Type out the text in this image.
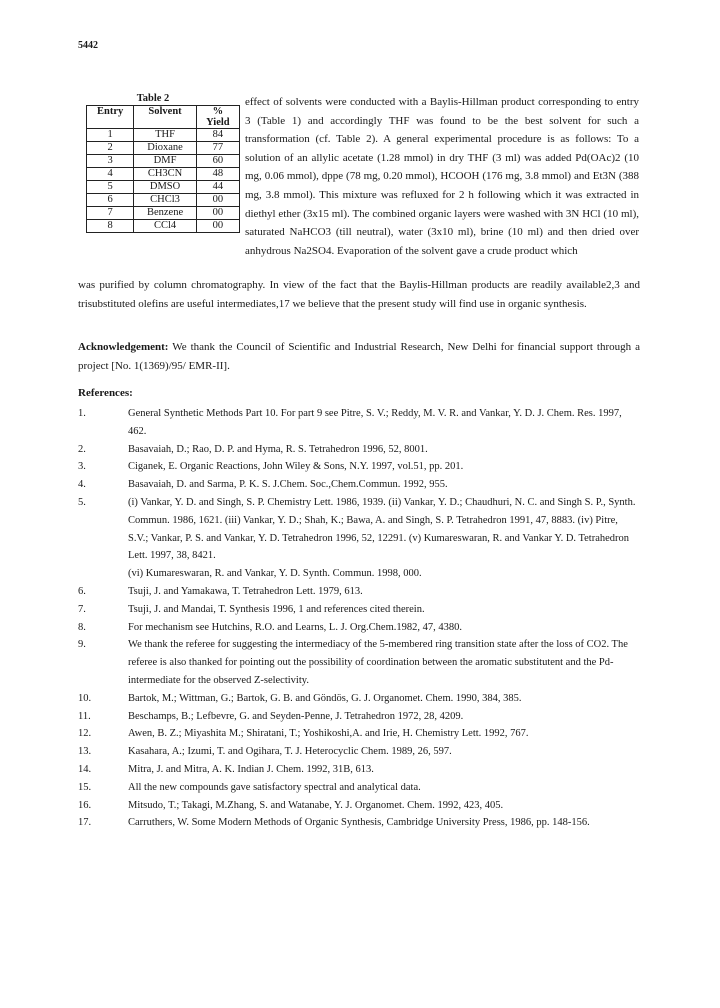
5442
Table 2
Entry	Solvent	%
Yield
1	THF	84
2	Dioxane	77
3	DMF	60
4	CH3CN	48
5	DMSO	44
6	CHCl3	00
7	Benzene	00
8	CCl4	00

effect of solvents were conducted with a Baylis-Hillman product corresponding to entry 3 (Table 1) and accordingly THF was found to be the best solvent for such a transformation (cf. Table 2). A general experimental procedure is as follows: To a solution of an allylic acetate (1.28 mmol) in dry THF (3 ml) was added Pd(OAc)2 (10 mg, 0.06 mmol), dppe (78 mg, 0.20 mmol), HCOOH (176 mg, 3.8 mmol) and Et3N (388 mg, 3.8 mmol). This mixture was refluxed for 2 h following which it was extracted in diethyl ether (3x15 ml). The combined organic layers were washed with 3N HCl (10 ml), saturated NaHCO3 (till neutral), water (3x10 ml), brine (10 ml) and then dried over anhydrous Na2SO4. Evaporation of the solvent gave a crude product which

was purified by column chromatography. In view of the fact that the Baylis-Hillman products are readily available2,3 and trisubstituted olefins are useful intermediates,17 we believe that the present study will find use in organic synthesis.

Acknowledgement: We thank the Council of Scientific and Industrial Research, New Delhi for financial support through a project [No. 1(1369)/95/ EMR-II].

References:
1.	General Synthetic Methods Part 10. For part 9 see Pitre, S. V.; Reddy, M. V. R. and Vankar, Y. D. J. Chem. Res. 1997, 462.
2.	Basavaiah, D.; Rao, D. P. and Hyma, R. S. Tetrahedron 1996, 52, 8001.
3.	Ciganek, E. Organic Reactions, John Wiley & Sons, N.Y. 1997, vol.51, pp. 201.
4.	Basavaiah, D. and Sarma, P. K. S. J.Chem. Soc.,Chem.Commun. 1992, 955.
5.	(i) Vankar, Y. D. and Singh, S. P. Chemistry Lett. 1986, 1939. (ii) Vankar, Y. D.; Chaudhuri, N. C. and Singh S. P., Synth. Commun. 1986, 1621. (iii) Vankar, Y. D.; Shah, K.; Bawa, A. and Singh, S. P. Tetrahedron 1991, 47, 8883. (iv) Pitre, S.V.; Vankar, P. S. and Vankar, Y. D. Tetrahedron 1996, 52, 12291. (v) Kumareswaran, R. and Vankar Y. D. Tetrahedron Lett. 1997, 38, 8421.
(vi) Kumareswaran, R. and Vankar, Y. D. Synth. Commun. 1998, 000.
6.	Tsuji, J. and Yamakawa, T. Tetrahedron Lett. 1979, 613.
7.	Tsuji, J. and Mandai, T. Synthesis 1996, 1 and references cited therein.
8.	For mechanism see Hutchins, R.O. and Learns, L. J. Org.Chem.1982, 47, 4380.
9.	We thank the referee for suggesting the intermediacy of the 5-membered ring transition state after the loss of CO2. The referee is also thanked for pointing out the possibility of coordination between the aromatic substitutent and the Pd-intermediate for the observed Z-selectivity.
10.	Bartok, M.; Wittman, G.; Bartok, G. B. and Göndös, G. J. Organomet. Chem. 1990, 384, 385.
11.	Beschamps, B.; Lefbevre, G. and Seyden-Penne, J. Tetrahedron 1972, 28, 4209.
12.	Awen, B. Z.; Miyashita M.; Shiratani, T.; Yoshikoshi,A. and Irie, H. Chemistry Lett. 1992, 767.
13.	Kasahara, A.; Izumi, T. and Ogihara, T. J. Heterocyclic Chem. 1989, 26, 597.
14.	Mitra, J. and Mitra, A. K. Indian J. Chem. 1992, 31B, 613.
15.	All the new compounds gave satisfactory spectral and analytical data.
16.	Mitsudo, T.; Takagi, M.Zhang, S. and Watanabe, Y. J. Organomet. Chem. 1992, 423, 405.
17.	Carruthers, W. Some Modern Methods of Organic Synthesis, Cambridge University Press, 1986, pp. 148-156.
